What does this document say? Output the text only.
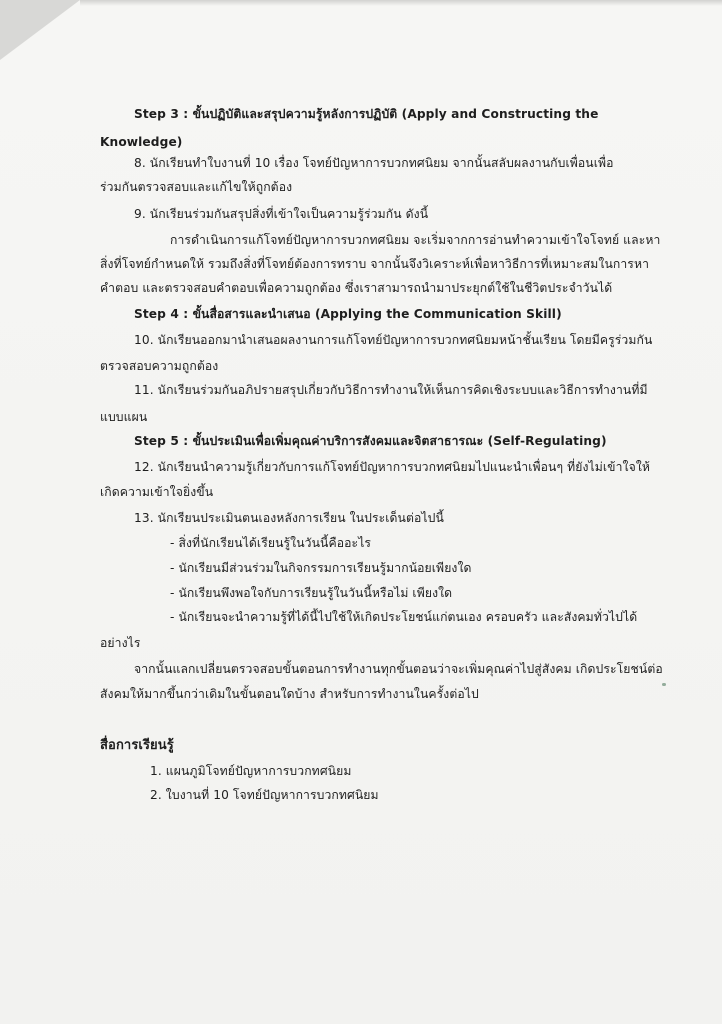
Step 3 : ขั้นปฏิบัติและสรุปความรู้หลังการปฏิบัติ (Apply and Constructing the
Knowledge)
8. นักเรียนทำใบงานที่ 10 เรื่อง โจทย์ปัญหาการบวกทศนิยม จากนั้นสลับผลงานกับเพื่อนเพื่อ
ร่วมกันตรวจสอบและแก้ไขให้ถูกต้อง
9. นักเรียนร่วมกันสรุปสิ่งที่เข้าใจเป็นความรู้ร่วมกัน ดังนี้
การดำเนินการแก้โจทย์ปัญหาการบวกทศนิยม จะเริ่มจากการอ่านทำความเข้าใจโจทย์ และหา
สิ่งที่โจทย์กำหนดให้ รวมถึงสิ่งที่โจทย์ต้องการทราบ จากนั้นจึงวิเคราะห์เพื่อหาวิธีการที่เหมาะสมในการหา
คำตอบ และตรวจสอบคำตอบเพื่อความถูกต้อง ซึ่งเราสามารถนำมาประยุกต์ใช้ในชีวิตประจำวันได้
Step 4 : ขั้นสื่อสารและนำเสนอ (Applying the Communication Skill)
10. นักเรียนออกมานำเสนอผลงานการแก้โจทย์ปัญหาการบวกทศนิยมหน้าชั้นเรียน โดยมีครูร่วมกัน
ตรวจสอบความถูกต้อง
11. นักเรียนร่วมกันอภิปรายสรุปเกี่ยวกับวิธีการทำงานให้เห็นการคิดเชิงระบบและวิธีการทำงานที่มี
แบบแผน
Step 5 : ขั้นประเมินเพื่อเพิ่มคุณค่าบริการสังคมและจิตสาธารณะ (Self-Regulating)
12. นักเรียนนำความรู้เกี่ยวกับการแก้โจทย์ปัญหาการบวกทศนิยมไปแนะนำเพื่อนๆ ที่ยังไม่เข้าใจให้
เกิดความเข้าใจยิ่งขึ้น
13. นักเรียนประเมินตนเองหลังการเรียน ในประเด็นต่อไปนี้
- สิ่งที่นักเรียนได้เรียนรู้ในวันนี้คืออะไร
- นักเรียนมีส่วนร่วมในกิจกรรมการเรียนรู้มากน้อยเพียงใด
- นักเรียนพึงพอใจกับการเรียนรู้ในวันนี้หรือไม่ เพียงใด
- นักเรียนจะนำความรู้ที่ได้นี้ไปใช้ให้เกิดประโยชน์แก่ตนเอง ครอบครัว และสังคมทั่วไปได้
อย่างไร
จากนั้นแลกเปลี่ยนตรวจสอบขั้นตอนการทำงานทุกขั้นตอนว่าจะเพิ่มคุณค่าไปสู่สังคม เกิดประโยชน์ต่อ
สังคมให้มากขึ้นกว่าเดิมในขั้นตอนใดบ้าง สำหรับการทำงานในครั้งต่อไป
สื่อการเรียนรู้
1. แผนภูมิโจทย์ปัญหาการบวกทศนิยม
2. ใบงานที่ 10 โจทย์ปัญหาการบวกทศนิยม
